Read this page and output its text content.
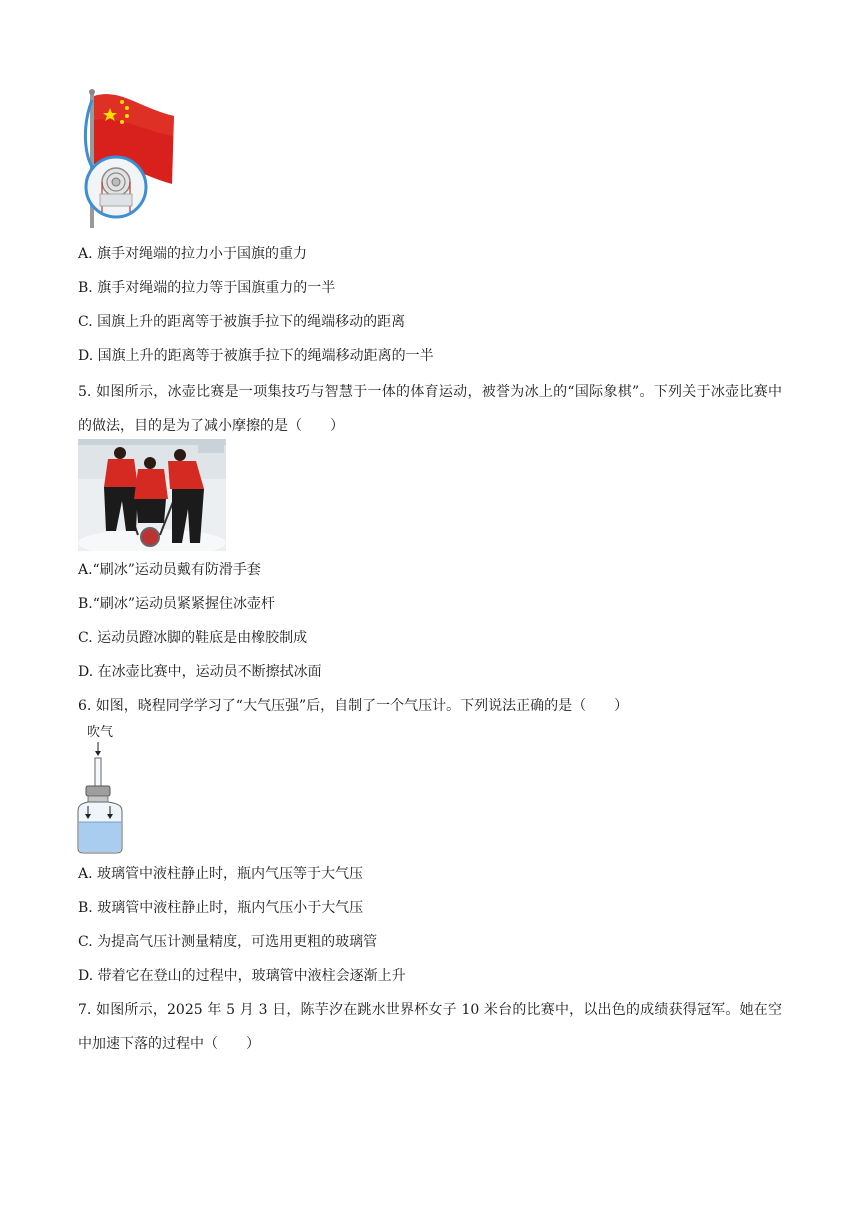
A. 旗手对绳端的拉力小于国旗的重力
B. 旗手对绳端的拉力等于国旗重力的一半
C. 国旗上升的距离等于被旗手拉下的绳端移动的距离
D. 国旗上升的距离等于被旗手拉下的绳端移动距离的一半
5. 如图所示，冰壶比赛是一项集技巧与智慧于一体的体育运动，被誉为冰上的“国际象棋”。下列关于冰壶比赛中的做法，目的是为了减小摩擦的是（　　）
A.“刷冰”运动员戴有防滑手套
B.“刷冰”运动员紧紧握住冰壶杆
C. 运动员蹬冰脚的鞋底是由橡胶制成
D. 在冰壶比赛中，运动员不断擦拭冰面
6. 如图，晓程同学学习了“大气压强”后，自制了一个气压计。下列说法正确的是（　　）
吹气
A. 玻璃管中液柱静止时，瓶内气压等于大气压
B. 玻璃管中液柱静止时，瓶内气压小于大气压
C. 为提高气压计测量精度，可选用更粗的玻璃管
D. 带着它在登山的过程中，玻璃管中液柱会逐渐上升
7. 如图所示，2025 年 5 月 3 日，陈芋汐在跳水世界杯女子 10 米台的比赛中，以出色的成绩获得冠军。她在空中加速下落的过程中（　　）
